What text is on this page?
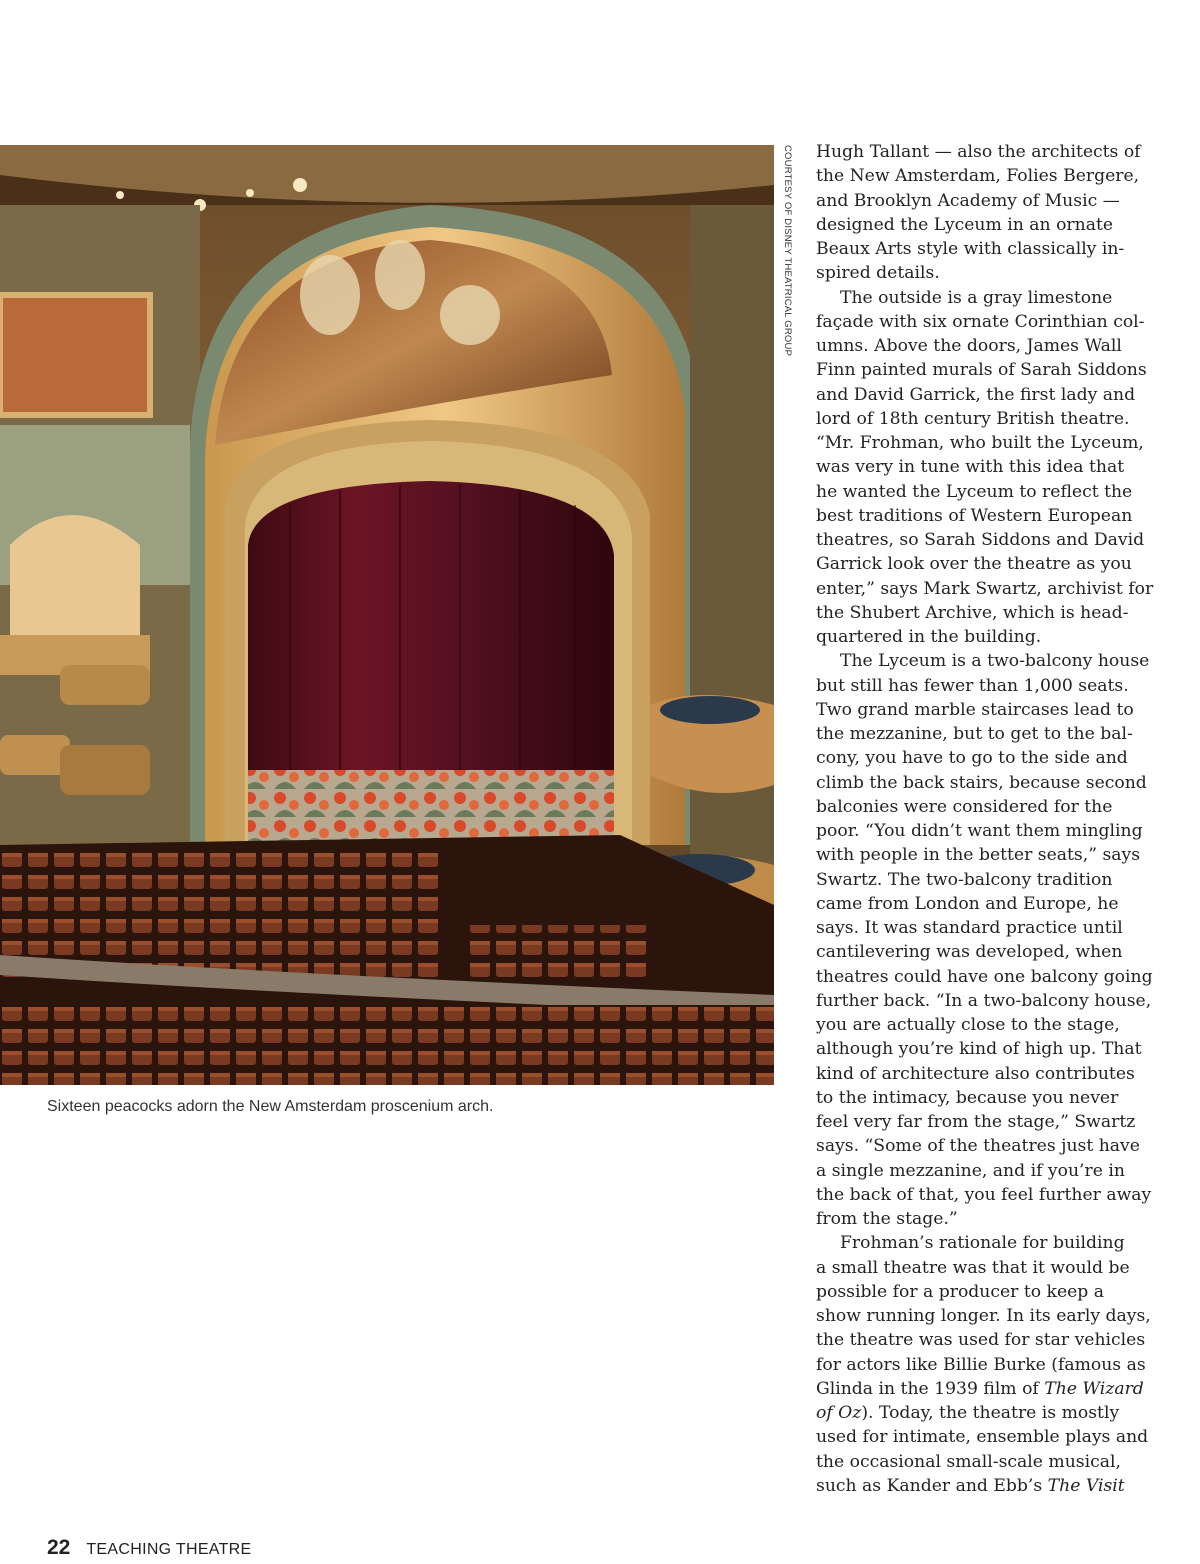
COURTESY OF DISNEY THEATRICAL GROUP
Sixteen peacocks adorn the New Amsterdam proscenium arch.
Hugh Tallant — also the architects of
the New Amsterdam, Folies Bergere,
and Brooklyn Academy of Music —
designed the Lyceum in an ornate
Beaux Arts style with classically in-
spired details.
The outside is a gray limestone
façade with six ornate Corinthian col-
umns. Above the doors, James Wall
Finn painted murals of Sarah Siddons
and David Garrick, the first lady and
lord of 18th century British theatre.
“Mr. Frohman, who built the Lyceum,
was very in tune with this idea that
he wanted the Lyceum to reflect the
best traditions of Western European
theatres, so Sarah Siddons and David
Garrick look over the theatre as you
enter,” says Mark Swartz, archivist for
the Shubert Archive, which is head-
quartered in the building.
The Lyceum is a two-balcony house
but still has fewer than 1,000 seats.
Two grand marble staircases lead to
the mezzanine, but to get to the bal-
cony, you have to go to the side and
climb the back stairs, because second
balconies were considered for the
poor. “You didn’t want them mingling
with people in the better seats,” says
Swartz. The two-balcony tradition
came from London and Europe, he
says. It was standard practice until
cantilevering was developed, when
theatres could have one balcony going
further back. “In a two-balcony house,
you are actually close to the stage,
although you’re kind of high up. That
kind of architecture also contributes
to the intimacy, because you never
feel very far from the stage,” Swartz
says. “Some of the theatres just have
a single mezzanine, and if you’re in
the back of that, you feel further away
from the stage.”
Frohman’s rationale for building
a small theatre was that it would be
possible for a producer to keep a
show running longer. In its early days,
the theatre was used for star vehicles
for actors like Billie Burke (famous as
Glinda in the 1939 film of The Wizard
of Oz). Today, the theatre is mostly
used for intimate, ensemble plays and
the occasional small-scale musical,
such as Kander and Ebb’s The Visit
22 TEACHING THEATRE
